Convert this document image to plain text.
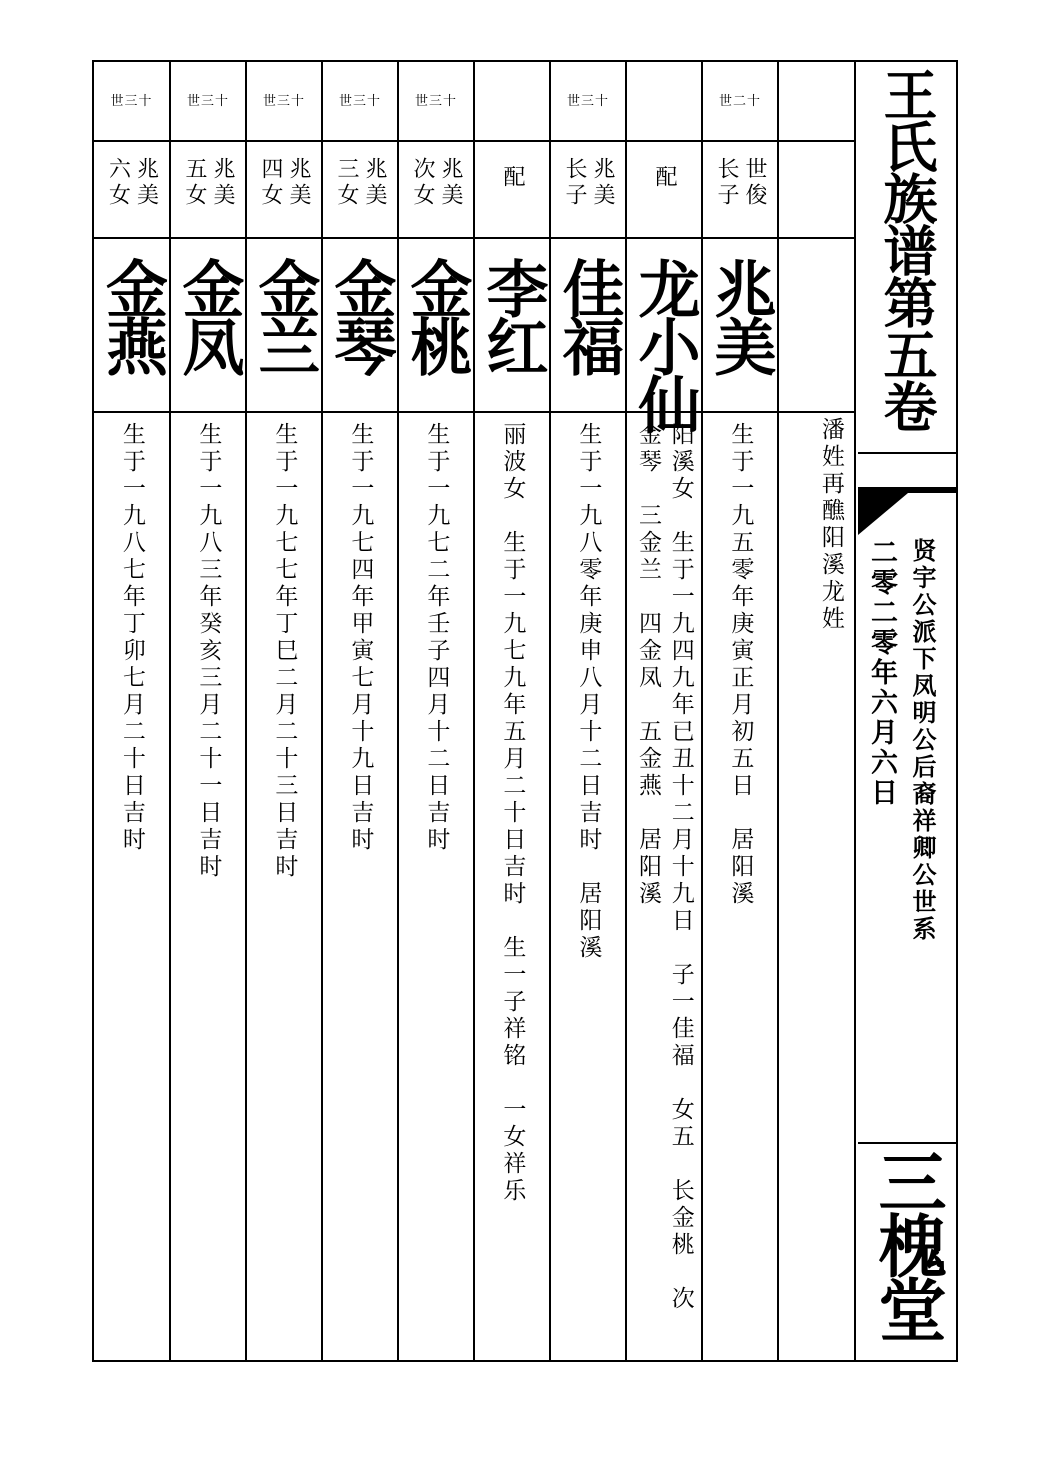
世三十
兆美
六女
金燕
生于一九八七年丁卯七月二十日吉时
世三十
兆美
五女
金凤
生于一九八三年癸亥三月二十一日吉时
世三十
兆美
四女
金兰
生于一九七七年丁巳二月二十三日吉时
世三十
兆美
三女
金琴
生于一九七四年甲寅七月十九日吉时
世三十
兆美
次女
金桃
生于一九七二年壬子四月十二日吉时
配
李红
丽波女　生于一九七九年五月二十日吉时　生一子祥铭　一女祥乐
世三十
兆美
长子
佳福
生于一九八零年庚申八月十二日吉时　居阳溪
配
龙小仙
阳溪女　生于一九四九年已丑十二月十九日　子一佳福　女五　长金桃　次
金琴　三金兰　四金凤　五金燕　居阳溪
世二十
世俊
长子
兆美
生于一九五零年庚寅正月初五日　居阳溪	潘姓再醮阳溪龙姓
王氏族谱第五卷
贤宇公派下凤明公后裔祥卿公世系
二零二零年六月六日
三槐堂
